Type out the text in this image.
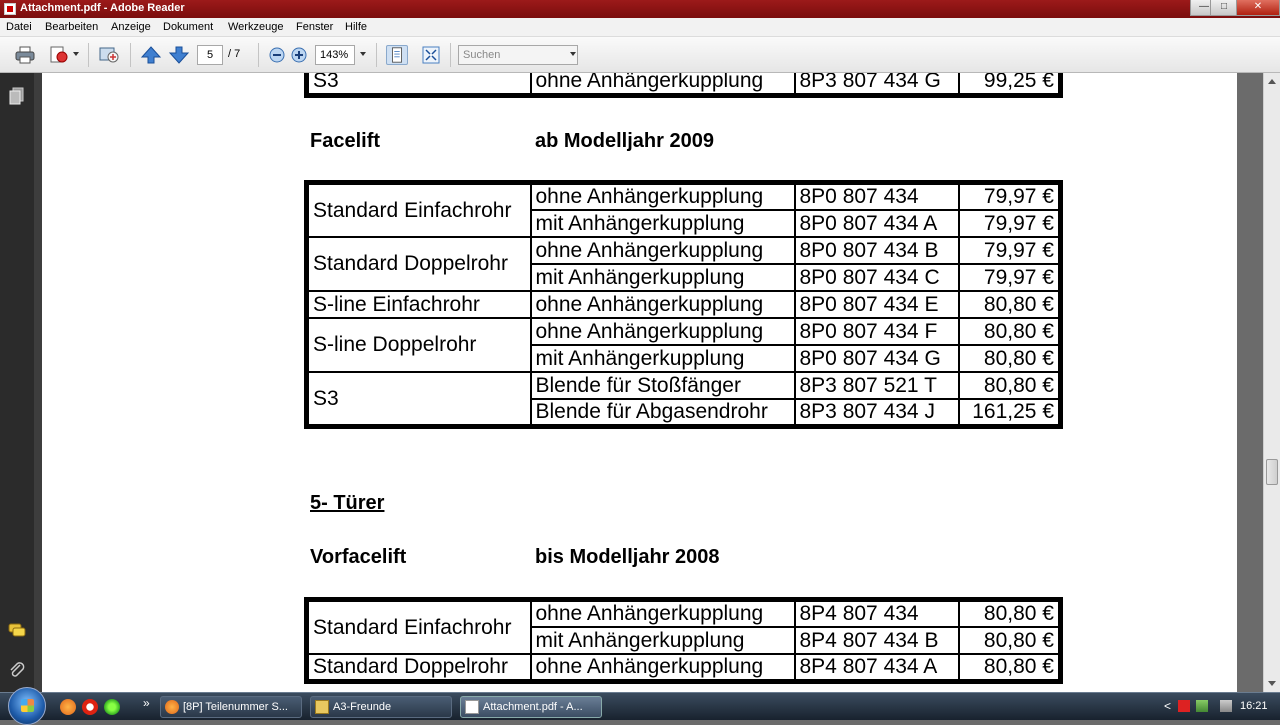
Attachment.pdf - Adobe Reader	—	□	✕
Datei Bearbeiten Anzeige Dokument Werkzeuge Fenster Hilfe
5	/ 7	143%	Suchen
S3	ohne Anhängerkupplung	8P3 807 434 G	99,25 €
Facelift	ab Modelljahr 2009
Standard Einfachrohr	ohne Anhängerkupplung	8P0 807 434	79,97 €
	mit Anhängerkupplung	8P0 807 434 A	79,97 €
Standard Doppelrohr	ohne Anhängerkupplung	8P0 807 434 B	79,97 €
	mit Anhängerkupplung	8P0 807 434 C	79,97 €
S-line Einfachrohr	ohne Anhängerkupplung	8P0 807 434 E	80,80 €
S-line Doppelrohr	ohne Anhängerkupplung	8P0 807 434 F	80,80 €
	mit Anhängerkupplung	8P0 807 434 G	80,80 €
S3	Blende für Stoßfänger	8P3 807 521 T	80,80 €
	Blende für Abgasendrohr	8P3 807 434 J	161,25 €
5- Türer
Vorfacelift	bis Modelljahr 2008
Standard Einfachrohr	ohne Anhängerkupplung	8P4 807 434	80,80 €
	mit Anhängerkupplung	8P4 807 434 B	80,80 €
Standard Doppelrohr	ohne Anhängerkupplung	8P4 807 434 A	80,80 €
»	[8P] Teilenummer S...	A3-Freunde	Attachment.pdf - A...	<	16:21
